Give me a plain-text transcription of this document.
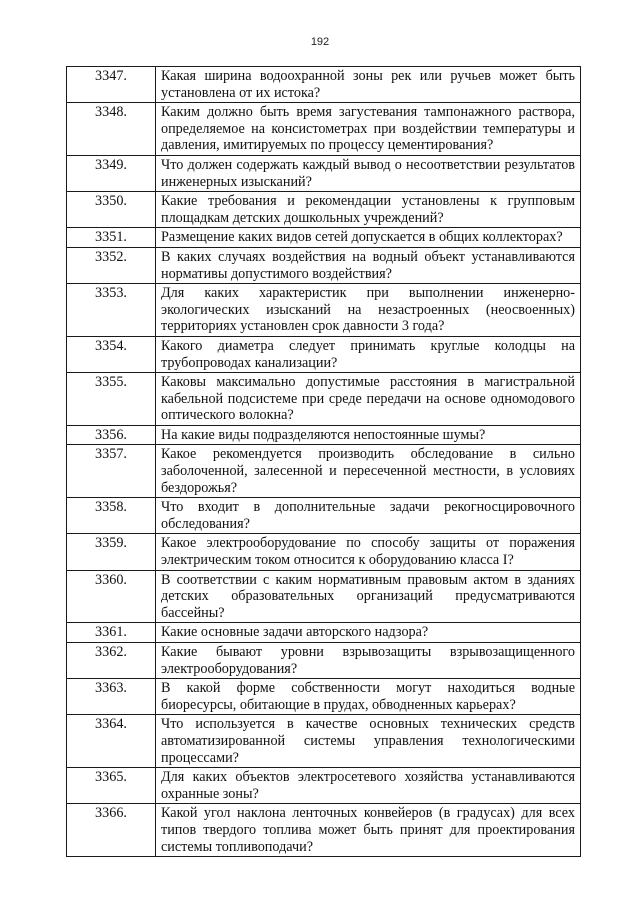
192
3347.	Какая ширина водоохранной зоны рек или ручьев может быть установлена от их истока?
3348.	Каким должно быть время загустевания тампонажного раствора, определяемое на консистометрах при воздействии температуры и давления, имитируемых по процессу цементирования?
3349.	Что должен содержать каждый вывод о несоответствии результатов инженерных изысканий?
3350.	Какие требования и рекомендации установлены к групповым площадкам детских дошкольных учреждений?
3351.	Размещение каких видов сетей допускается в общих коллекторах?
3352.	В каких случаях воздействия на водный объект устанавливаются нормативы допустимого воздействия?
3353.	Для каких характеристик при выполнении инженерно-экологических изысканий на незастроенных (неосвоенных) территориях установлен срок давности 3 года?
3354.	Какого диаметра следует принимать круглые колодцы на трубопроводах канализации?
3355.	Каковы максимально допустимые расстояния в магистральной кабельной подсистеме при среде передачи на основе одномодового оптического волокна?
3356.	На какие виды подразделяются непостоянные шумы?
3357.	Какое рекомендуется производить обследование в сильно заболоченной, залесенной и пересеченной местности, в условиях бездорожья?
3358.	Что входит в дополнительные задачи рекогносцировочного обследования?
3359.	Какое электрооборудование по способу защиты от поражения электрическим током относится к оборудованию класса I?
3360.	В соответствии с каким нормативным правовым актом в зданиях детских образовательных организаций предусматриваются бассейны?
3361.	Какие основные задачи авторского надзора?
3362.	Какие бывают уровни взрывозащиты взрывозащищенного электрооборудования?
3363.	В какой форме собственности могут находиться водные биоресурсы, обитающие в прудах, обводненных карьерах?
3364.	Что используется в качестве основных технических средств автоматизированной системы управления технологическими процессами?
3365.	Для каких объектов электросетевого хозяйства устанавливаются охранные зоны?
3366.	Какой угол наклона ленточных конвейеров (в градусах) для всех типов твердого топлива может быть принят для проектирования системы топливоподачи?
